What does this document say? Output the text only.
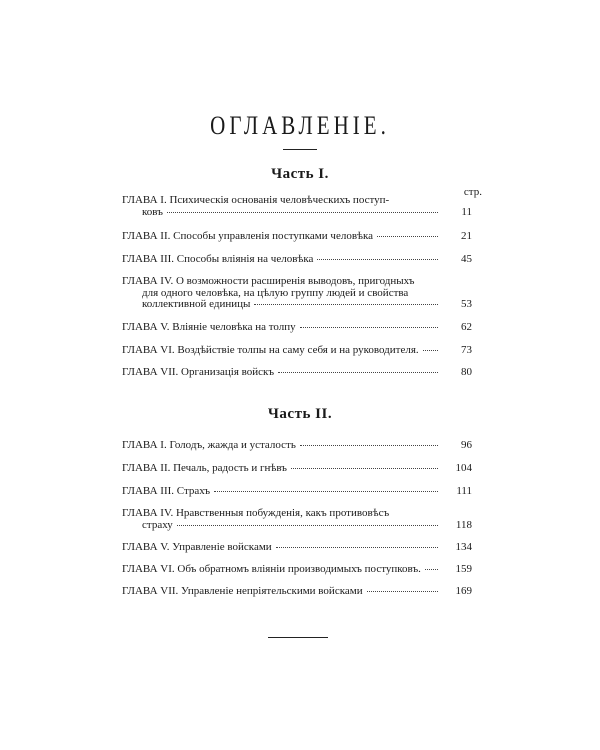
ОГЛАВЛЕНІЕ.
Часть I.
стр.
ГЛАВА I. Психическія основанія человѣческихъ поступ-
ковъ	11
ГЛАВА II. Способы управленія поступками человѣка	21
ГЛАВА III. Способы вліянія на человѣка	45
ГЛАВА IV. О возможности расширенія выводовъ, пригодныхъ
для одного человѣка, на цѣлую группу людей и свойства
коллективной единицы	53
ГЛАВА V. Вліяніе человѣка на толпу	62
ГЛАВА VI. Воздѣйствіе толпы на саму себя и на руководителя.	73
ГЛАВА VII. Организація войскъ	80
Часть II.
ГЛАВА I. Голодъ, жажда и усталость	96
ГЛАВА II. Печаль, радость и гнѣвъ	104
ГЛАВА III. Страхъ	111
ГЛАВА IV. Нравственныя побужденія, какъ противовѣсъ
страху	118
ГЛАВА V. Управленіе войсками	134
ГЛАВА VI. Объ обратномъ вліяніи производимыхъ поступковъ.	159
ГЛАВА VII. Управленіе непріятельскими войсками	169
